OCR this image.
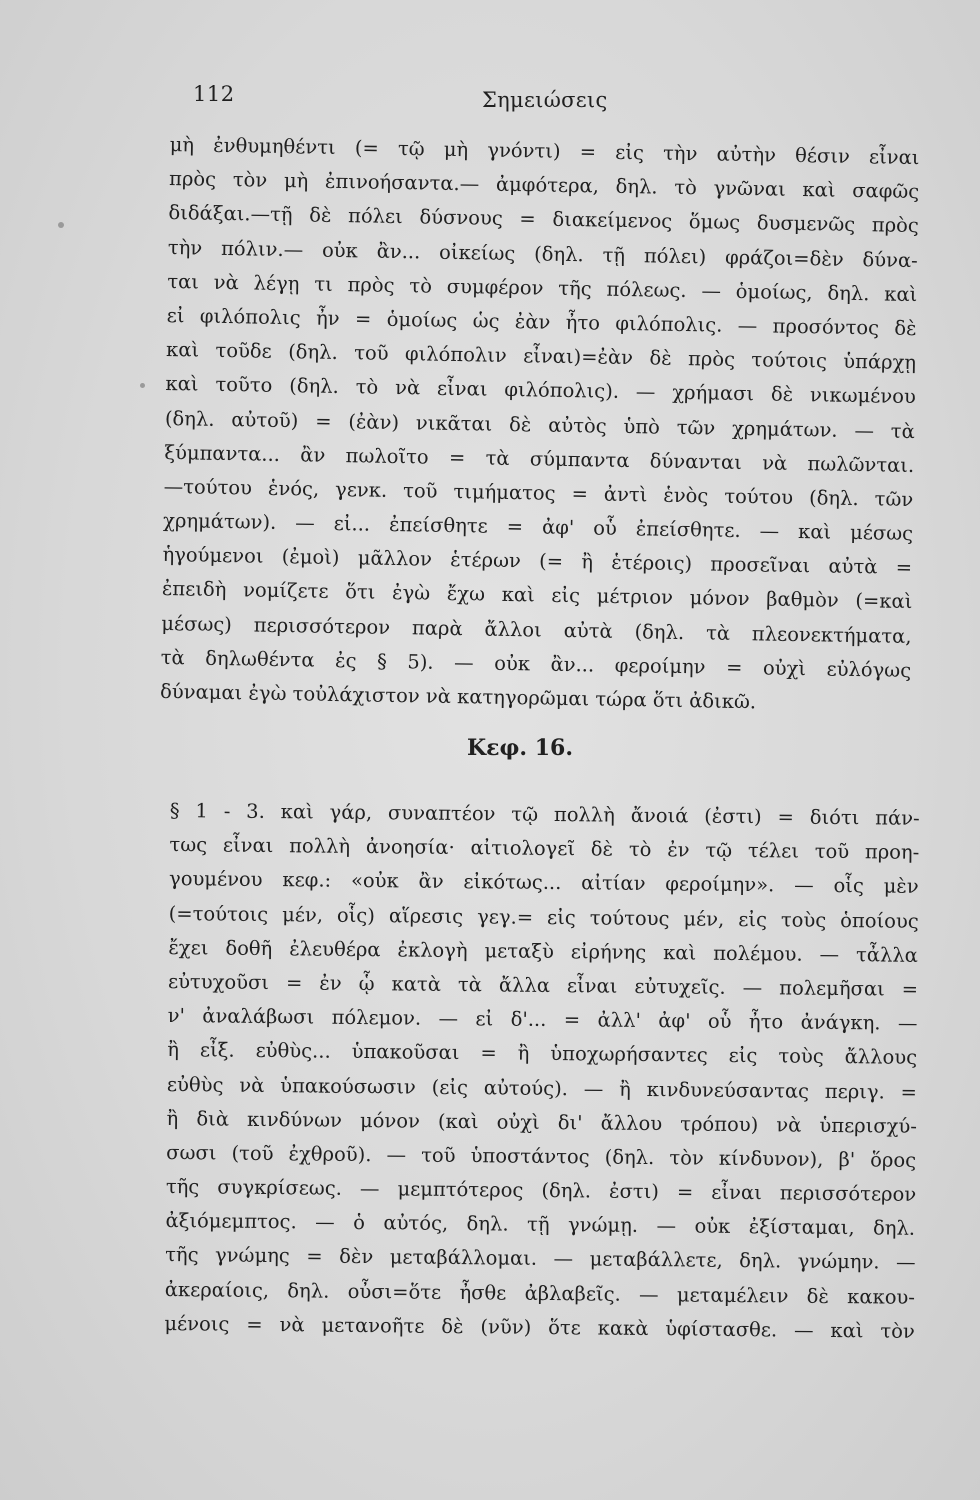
112	Σημειώσεις
μὴ ἐνθυμηθέντι (= τῷ μὴ γνόντι) = εἰς τὴν αὐτὴν θέσιν εἶναι
πρὸς τὸν μὴ ἐπινοήσαντα.— ἀμφότερα, δηλ. τὸ γνῶναι καὶ σαφῶς
διδάξαι.—τῇ δὲ πόλει δύσνους = διακείμενος ὅμως δυσμενῶς πρὸς
τὴν πόλιν.— οὐκ ἂν... οἰκείως (δηλ. τῇ πόλει) φράζοι=δὲν δύνα-
ται νὰ λέγῃ τι πρὸς τὸ συμφέρον τῆς πόλεως. — ὁμοίως, δηλ. καὶ
εἰ φιλόπολις ἦν = ὁμοίως ὡς ἐὰν ἦτο φιλόπολις. — προσόντος δὲ
καὶ τοῦδε (δηλ. τοῦ φιλόπολιν εἶναι)=ἐὰν δὲ πρὸς τούτοις ὑπάρχῃ
καὶ τοῦτο (δηλ. τὸ νὰ εἶναι φιλόπολις). — χρήμασι δὲ νικωμένου
(δηλ. αὐτοῦ) = (ἐὰν) νικᾶται δὲ αὐτὸς ὑπὸ τῶν χρημάτων. — τὰ
ξύμπαντα... ἂν πωλοῖτο = τὰ σύμπαντα δύνανται νὰ πωλῶνται.
—τούτου ἑνός, γενκ. τοῦ τιμήματος = ἀντὶ ἑνὸς τούτου (δηλ. τῶν
χρημάτων). — εἰ... ἐπείσθητε = ἀφ' οὗ ἐπείσθητε. — καὶ μέσως
ἡγούμενοι (ἐμοὶ) μᾶλλον ἑτέρων (= ἢ ἑτέροις) προσεῖναι αὐτὰ =
ἐπειδὴ νομίζετε ὅτι ἐγὼ ἔχω καὶ εἰς μέτριον μόνον βαθμὸν (=καὶ
μέσως) περισσότερον παρὰ ἄλλοι αὐτὰ (δηλ. τὰ πλεονεκτήματα,
τὰ δηλωθέντα ἐς § 5). — οὐκ ἂν... φεροίμην = οὐχὶ εὐλόγως
δύναμαι ἐγὼ τοὐλάχιστον νὰ κατηγορῶμαι τώρα ὅτι ἀδικῶ.
Κεφ. 16.
§ 1 - 3. καὶ γάρ, συναπτέον τῷ πολλὴ ἄνοιά (ἐστι) = διότι πάν-
τως εἶναι πολλὴ ἀνοησία· αἰτιολογεῖ δὲ τὸ ἐν τῷ τέλει τοῦ προη-
γουμένου κεφ.: «οὐκ ἂν εἰκότως... αἰτίαν φεροίμην». — οἷς μὲν
(=τούτοις μέν, οἷς) αἵρεσις γεγ.= εἰς τούτους μέν, εἰς τοὺς ὁποίους
ἔχει δοθῆ ἐλευθέρα ἐκλογὴ μεταξὺ εἰρήνης καὶ πολέμου. — τἆλλα
εὐτυχοῦσι = ἐν ᾧ κατὰ τὰ ἄλλα εἶναι εὐτυχεῖς. — πολεμῆσαι =
ν' ἀναλάβωσι πόλεμον. — εἰ δ'... = ἀλλ' ἀφ' οὗ ἦτο ἀνάγκη. —
ἢ εἶξ. εὐθὺς... ὑπακοῦσαι = ἢ ὑποχωρήσαντες εἰς τοὺς ἄλλους
εὐθὺς νὰ ὑπακούσωσιν (εἰς αὐτούς). — ἢ κινδυνεύσαντας περιγ. =
ἢ διὰ κινδύνων μόνον (καὶ οὐχὶ δι' ἄλλου τρόπου) νὰ ὑπερισχύ-
σωσι (τοῦ ἐχθροῦ). — τοῦ ὑποστάντος (δηλ. τὸν κίνδυνον), β' ὅρος
τῆς συγκρίσεως. — μεμπτότερος (δηλ. ἐστι) = εἶναι περισσότερον
ἀξιόμεμπτος. — ὁ αὐτός, δηλ. τῇ γνώμῃ. — οὐκ ἐξίσταμαι, δηλ.
τῆς γνώμης = δὲν μεταβάλλομαι. — μεταβάλλετε, δηλ. γνώμην. —
ἀκεραίοις, δηλ. οὖσι=ὅτε ἦσθε ἀβλαβεῖς. — μεταμέλειν δὲ κακου-
μένοις = νὰ μετανοῆτε δὲ (νῦν) ὅτε κακὰ ὑφίστασθε. — καὶ τὸν
